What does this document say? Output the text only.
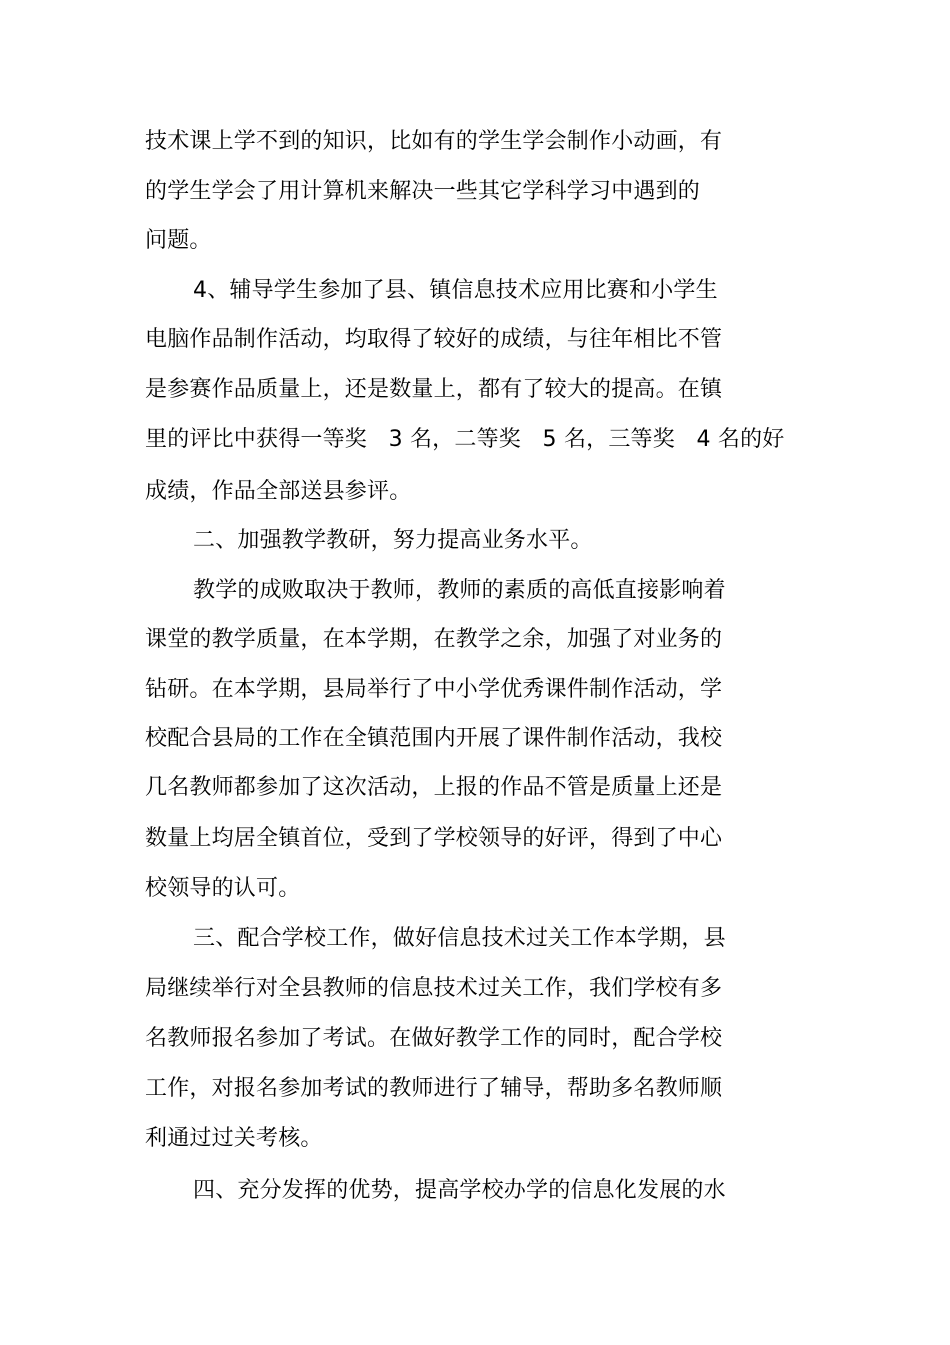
技术课上学不到的知识，比如有的学生学会制作小动画，有
的学生学会了用计算机来解决一些其它学科学习中遇到的
问题。
4、辅导学生参加了县、镇信息技术应用比赛和小学生
电脑作品制作活动，均取得了较好的成绩，与往年相比不管
是参赛作品质量上，还是数量上，都有了较大的提高。在镇
里的评比中获得一等奖   3 名，二等奖   5 名，三等奖   4 名的好
成绩，作品全部送县参评。
二、加强教学教研，努力提高业务水平。
教学的成败取决于教师，教师的素质的高低直接影响着
课堂的教学质量，在本学期，在教学之余，加强了对业务的
钻研。在本学期，县局举行了中小学优秀课件制作活动，学
校配合县局的工作在全镇范围内开展了课件制作活动，我校
几名教师都参加了这次活动，上报的作品不管是质量上还是
数量上均居全镇首位，受到了学校领导的好评，得到了中心
校领导的认可。
三、配合学校工作，做好信息技术过关工作本学期，县
局继续举行对全县教师的信息技术过关工作，我们学校有多
名教师报名参加了考试。在做好教学工作的同时，配合学校
工作，对报名参加考试的教师进行了辅导，帮助多名教师顺
利通过过关考核。
四、充分发挥的优势，提高学校办学的信息化发展的水
